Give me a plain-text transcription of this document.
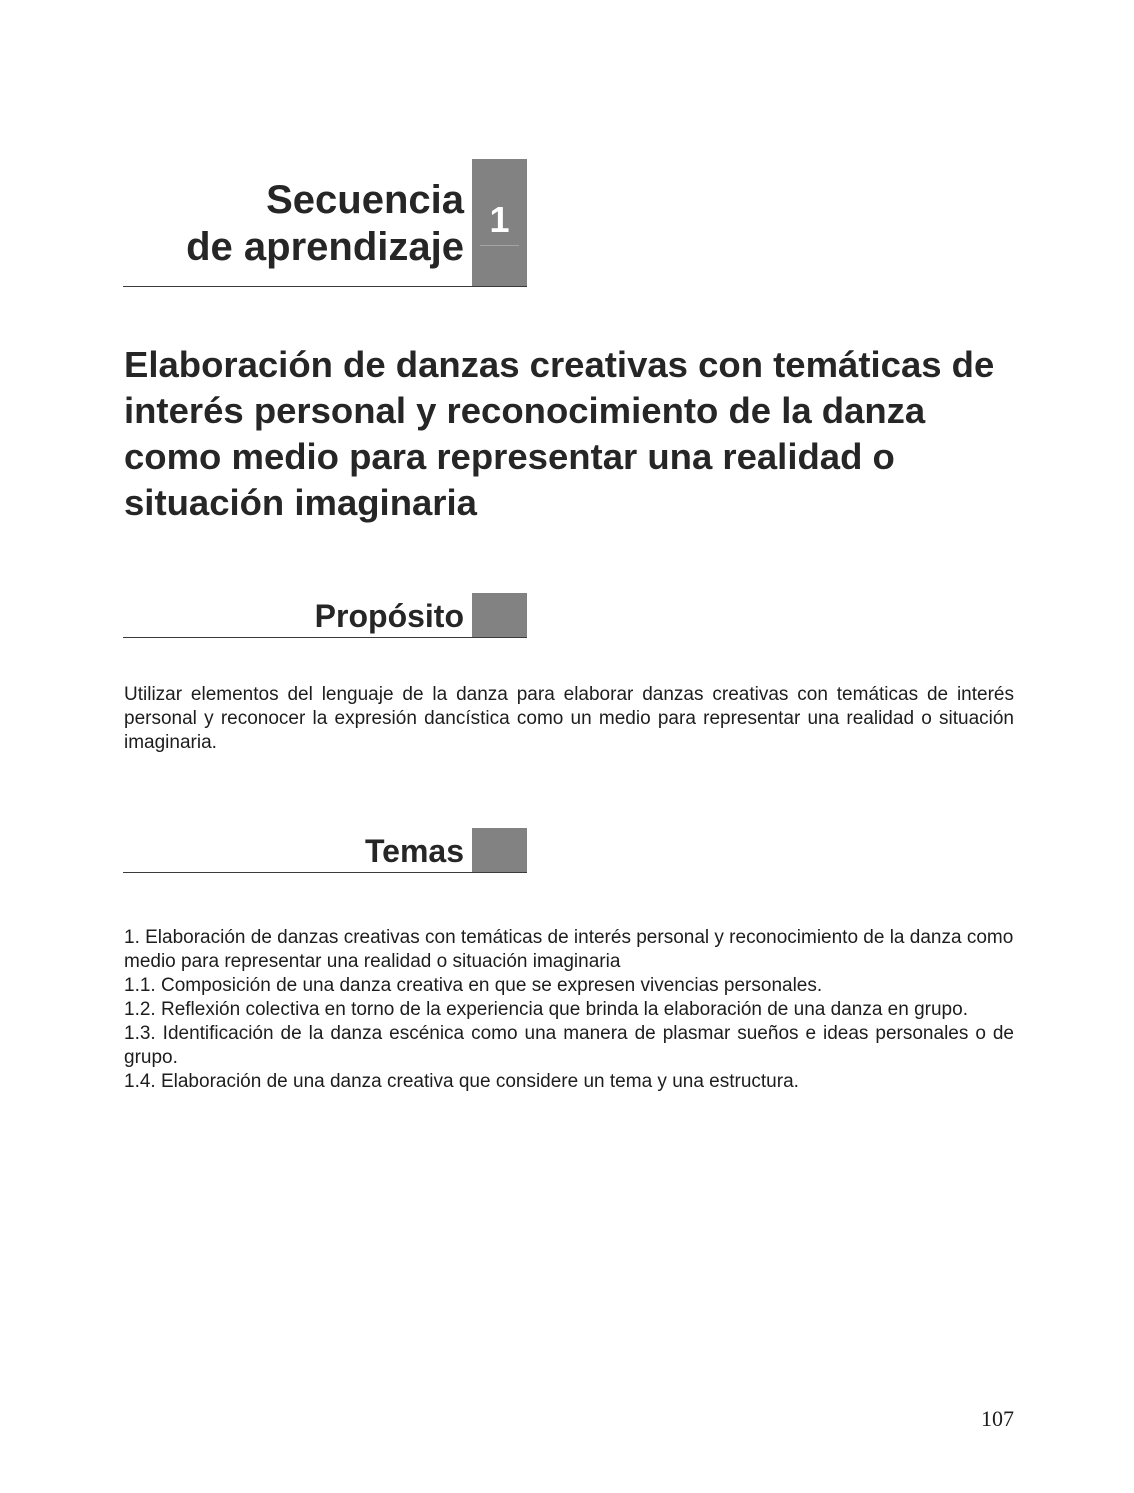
Secuencia
de aprendizaje
1
Elaboración de danzas creativas con temáticas de interés personal y reconocimiento de la danza como medio para representar una realidad o situación imaginaria
Propósito

Utilizar elementos del lenguaje de la danza para elaborar danzas creativas con temáticas de interés personal y reconocer la expresión dancística como un medio para representar una realidad o situación imaginaria.

Temas
1. Elaboración de danzas creativas con temáticas de interés personal y reconocimiento de la danza como medio para representar una realidad o situación imaginaria
1.1. Composición de una danza creativa en que se expresen vivencias personales.
1.2. Reflexión colectiva en torno de la experiencia que brinda la elaboración de una danza en grupo.
1.3. Identificación de la danza escénica como una manera de plasmar sueños e ideas personales o de grupo.
1.4. Elaboración de una danza creativa que considere un tema y una estructura.
107
